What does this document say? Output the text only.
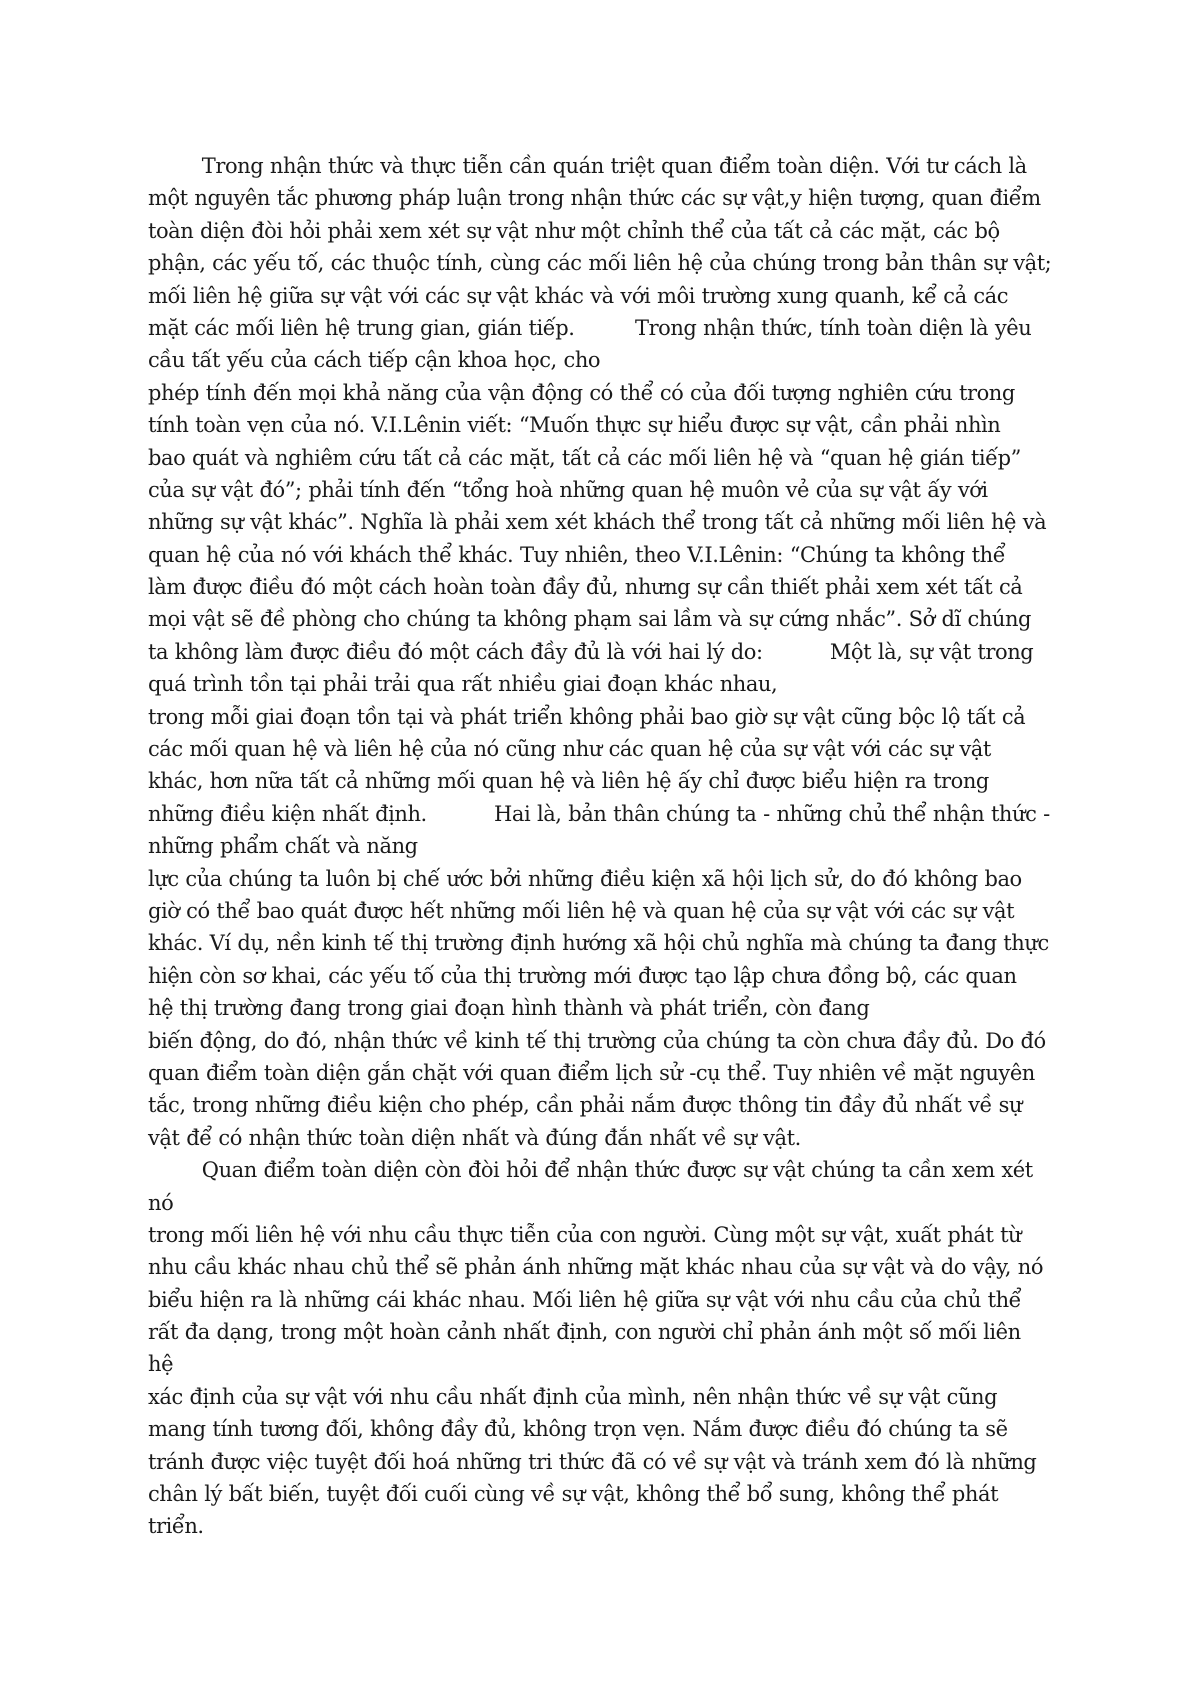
Trong nhận thức và thực tiễn cần quán triệt quan điểm toàn diện. Với tư cách là
một nguyên tắc phương pháp luận trong nhận thức các sự vật,y hiện tượng, quan điểm
toàn diện đòi hỏi phải xem xét sự vật như một chỉnh thể của tất cả các mặt, các bộ
phận, các yếu tố, các thuộc tính, cùng các mối liên hệ của chúng trong bản thân sự vật;
mối liên hệ giữa sự vật với các sự vật khác và với môi trường xung quanh, kể cả các
mặt các mối liên hệ trung gian, gián tiếp.         Trong nhận thức, tính toàn diện là yêu
cầu tất yếu của cách tiếp cận khoa học, cho
phép tính đến mọi khả năng của vận động có thể có của đối tượng nghiên cứu trong
tính toàn vẹn của nó. V.I.Lênin viết: “Muốn thực sự hiểu được sự vật, cần phải nhìn
bao quát và nghiêm cứu tất cả các mặt, tất cả các mối liên hệ và “quan hệ gián tiếp”
của sự vật đó”; phải tính đến “tổng hoà những quan hệ muôn vẻ của sự vật ấy với
những sự vật khác”. Nghĩa là phải xem xét khách thể trong tất cả những mối liên hệ và
quan hệ của nó với khách thể khác. Tuy nhiên, theo V.I.Lênin: “Chúng ta không thể
làm được điều đó một cách hoàn toàn đầy đủ, nhưng sự cần thiết phải xem xét tất cả
mọi vật sẽ đề phòng cho chúng ta không phạm sai lầm và sự cứng nhắc”. Sở dĩ chúng
ta không làm được điều đó một cách đầy đủ là với hai lý do:          Một là, sự vật trong
quá trình tồn tại phải trải qua rất nhiều giai đoạn khác nhau,
trong mỗi giai đoạn tồn tại và phát triển không phải bao giờ sự vật cũng bộc lộ tất cả
các mối quan hệ và liên hệ của nó cũng như các quan hệ của sự vật với các sự vật
khác, hơn nữa tất cả những mối quan hệ và liên hệ ấy chỉ được biểu hiện ra trong
những điều kiện nhất định.          Hai là, bản thân chúng ta - những chủ thể nhận thức -
những phẩm chất và năng
lực của chúng ta luôn bị chế ước bởi những điều kiện xã hội lịch sử, do đó không bao
giờ có thể bao quát được hết những mối liên hệ và quan hệ của sự vật với các sự vật
khác. Ví dụ, nền kinh tế thị trường định hướng xã hội chủ nghĩa mà chúng ta đang thực
hiện còn sơ khai, các yếu tố của thị trường mới được tạo lập chưa đồng bộ, các quan
hệ thị trường đang trong giai đoạn hình thành và phát triển, còn đang
biến động, do đó, nhận thức về kinh tế thị trường của chúng ta còn chưa đầy đủ. Do đó
quan điểm toàn diện gắn chặt với quan điểm lịch sử -cụ thể. Tuy nhiên về mặt nguyên
tắc, trong những điều kiện cho phép, cần phải nắm được thông tin đầy đủ nhất về sự
vật để có nhận thức toàn diện nhất và đúng đắn nhất về sự vật.
Quan điểm toàn diện còn đòi hỏi để nhận thức được sự vật chúng ta cần xem xét
nó
trong mối liên hệ với nhu cầu thực tiễn của con người. Cùng một sự vật, xuất phát từ
nhu cầu khác nhau chủ thể sẽ phản ánh những mặt khác nhau của sự vật và do vậy, nó
biểu hiện ra là những cái khác nhau. Mối liên hệ giữa sự vật với nhu cầu của chủ thể
rất đa dạng, trong một hoàn cảnh nhất định, con người chỉ phản ánh một số mối liên
hệ
xác định của sự vật với nhu cầu nhất định của mình, nên nhận thức về sự vật cũng
mang tính tương đối, không đầy đủ, không trọn vẹn. Nắm được điều đó chúng ta sẽ
tránh được việc tuyệt đối hoá những tri thức đã có về sự vật và tránh xem đó là những
chân lý bất biến, tuyệt đối cuối cùng về sự vật, không thể bổ sung, không thể phát
triển.
